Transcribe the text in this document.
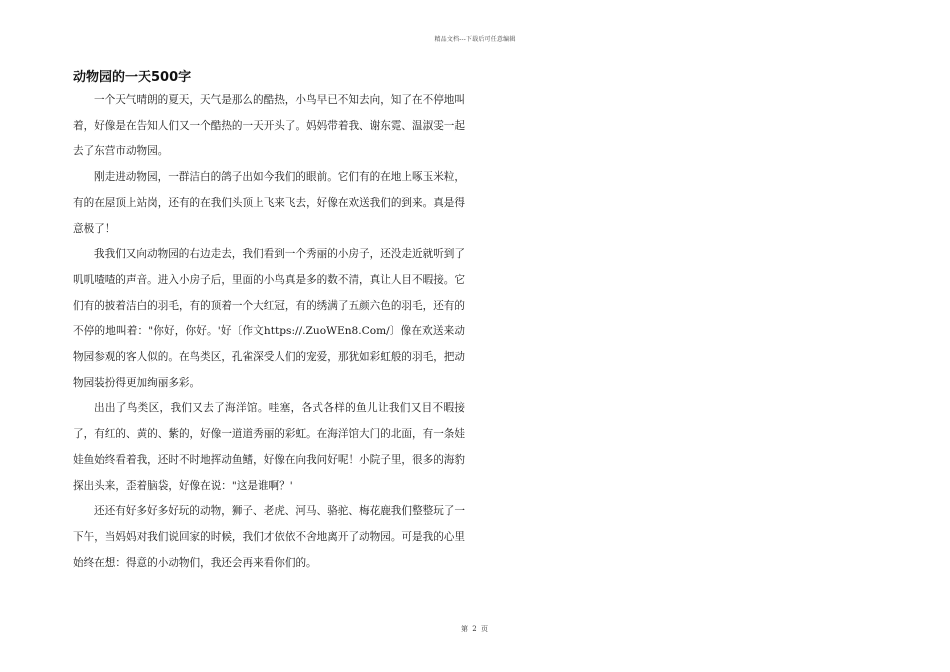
精品文档---下载后可任意编辑
动物园的一天500字

一个天气晴朗的夏天，天气是那么的酷热，小鸟早已不知去向，知了在不停地叫着，好像是在告知人们又一个酷热的一天开头了。妈妈带着我、谢东霓、温淑雯一起去了东营市动物园。

刚走进动物园，一群洁白的鸽子出如今我们的眼前。它们有的在地上啄玉米粒，有的在屋顶上站岗，还有的在我们头顶上飞来飞去，好像在欢送我们的到来。真是得意极了！

我我们又向动物园的右边走去，我们看到一个秀丽的小房子，还没走近就听到了叽叽喳喳的声音。进入小房子后，里面的小鸟真是多的数不清，真让人目不暇接。它们有的披着洁白的羽毛，有的顶着一个大红冠，有的绣满了五颜六色的羽毛，还有的不停的地叫着："你好，你好。'好〔作文https://.ZuoWEn8.Com/〕像在欢送来动物园参观的客人似的。在鸟类区，孔雀深受人们的宠爱，那犹如彩虹般的羽毛，把动物园装扮得更加绚丽多彩。

出出了鸟类区，我们又去了海洋馆。哇塞，各式各样的鱼儿让我们又目不暇接了，有红的、黄的、紫的，好像一道道秀丽的彩虹。在海洋馆大门的北面，有一条娃娃鱼始终看着我，还时不时地挥动鱼鳍，好像在向我问好呢！小院子里，很多的海豹探出头来，歪着脑袋，好像在说："这是谁啊？'

还还有好多好多好玩的动物，狮子、老虎、河马、骆驼、梅花鹿我们整整玩了一下午，当妈妈对我们说回家的时候，我们才依依不舍地离开了动物园。可是我的心里始终在想：得意的小动物们，我还会再来看你们的。

第 2 页
